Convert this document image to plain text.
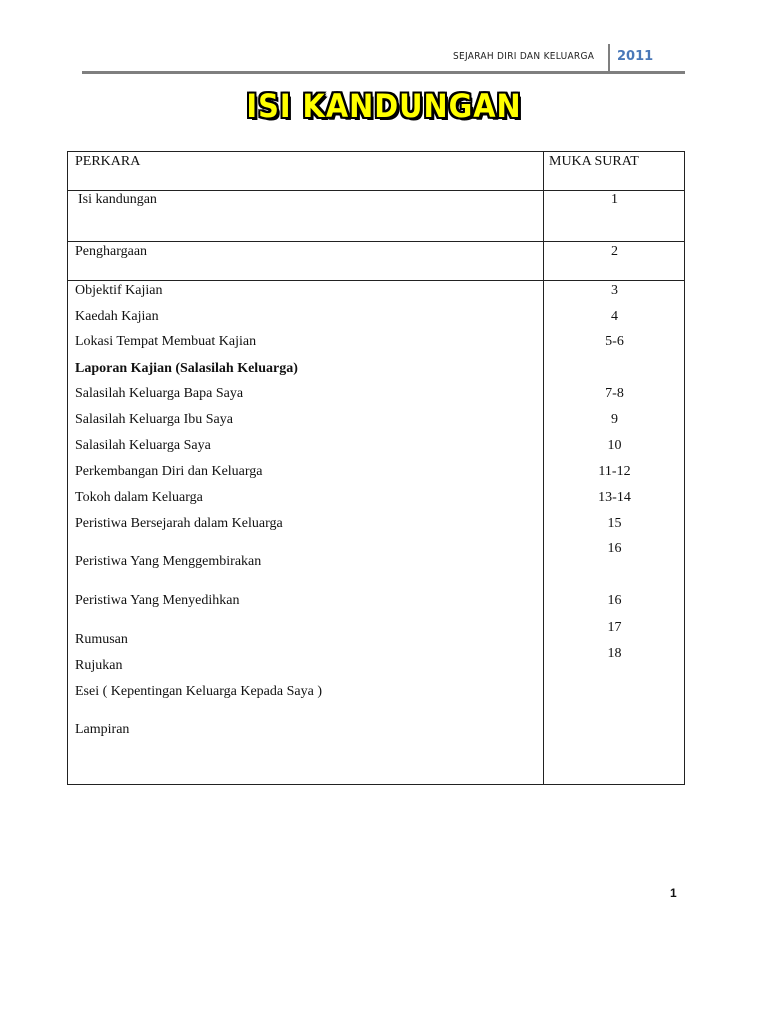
SEJARAH DIRI DAN KELUARGA 2011
ISI KANDUNGAN
PERKARA	MUKA SURAT
Isi kandungan
Penghargaan
Objektif Kajian
Kaedah Kajian
Lokasi Tempat Membuat Kajian
Laporan Kajian (Salasilah Keluarga)
Salasilah Keluarga Bapa Saya
Salasilah Keluarga Ibu Saya
Salasilah Keluarga Saya
Perkembangan Diri dan Keluarga
Tokoh dalam Keluarga
Peristiwa Bersejarah dalam Keluarga
Peristiwa Yang Menggembirakan
Peristiwa Yang Menyedihkan
Rumusan
Rujukan
Esei ( Kepentingan Keluarga Kepada Saya )
Lampiran
1
2
3
4
5-6
7-8
9
10
11-12
13-14
15
16
16
17
18
1
